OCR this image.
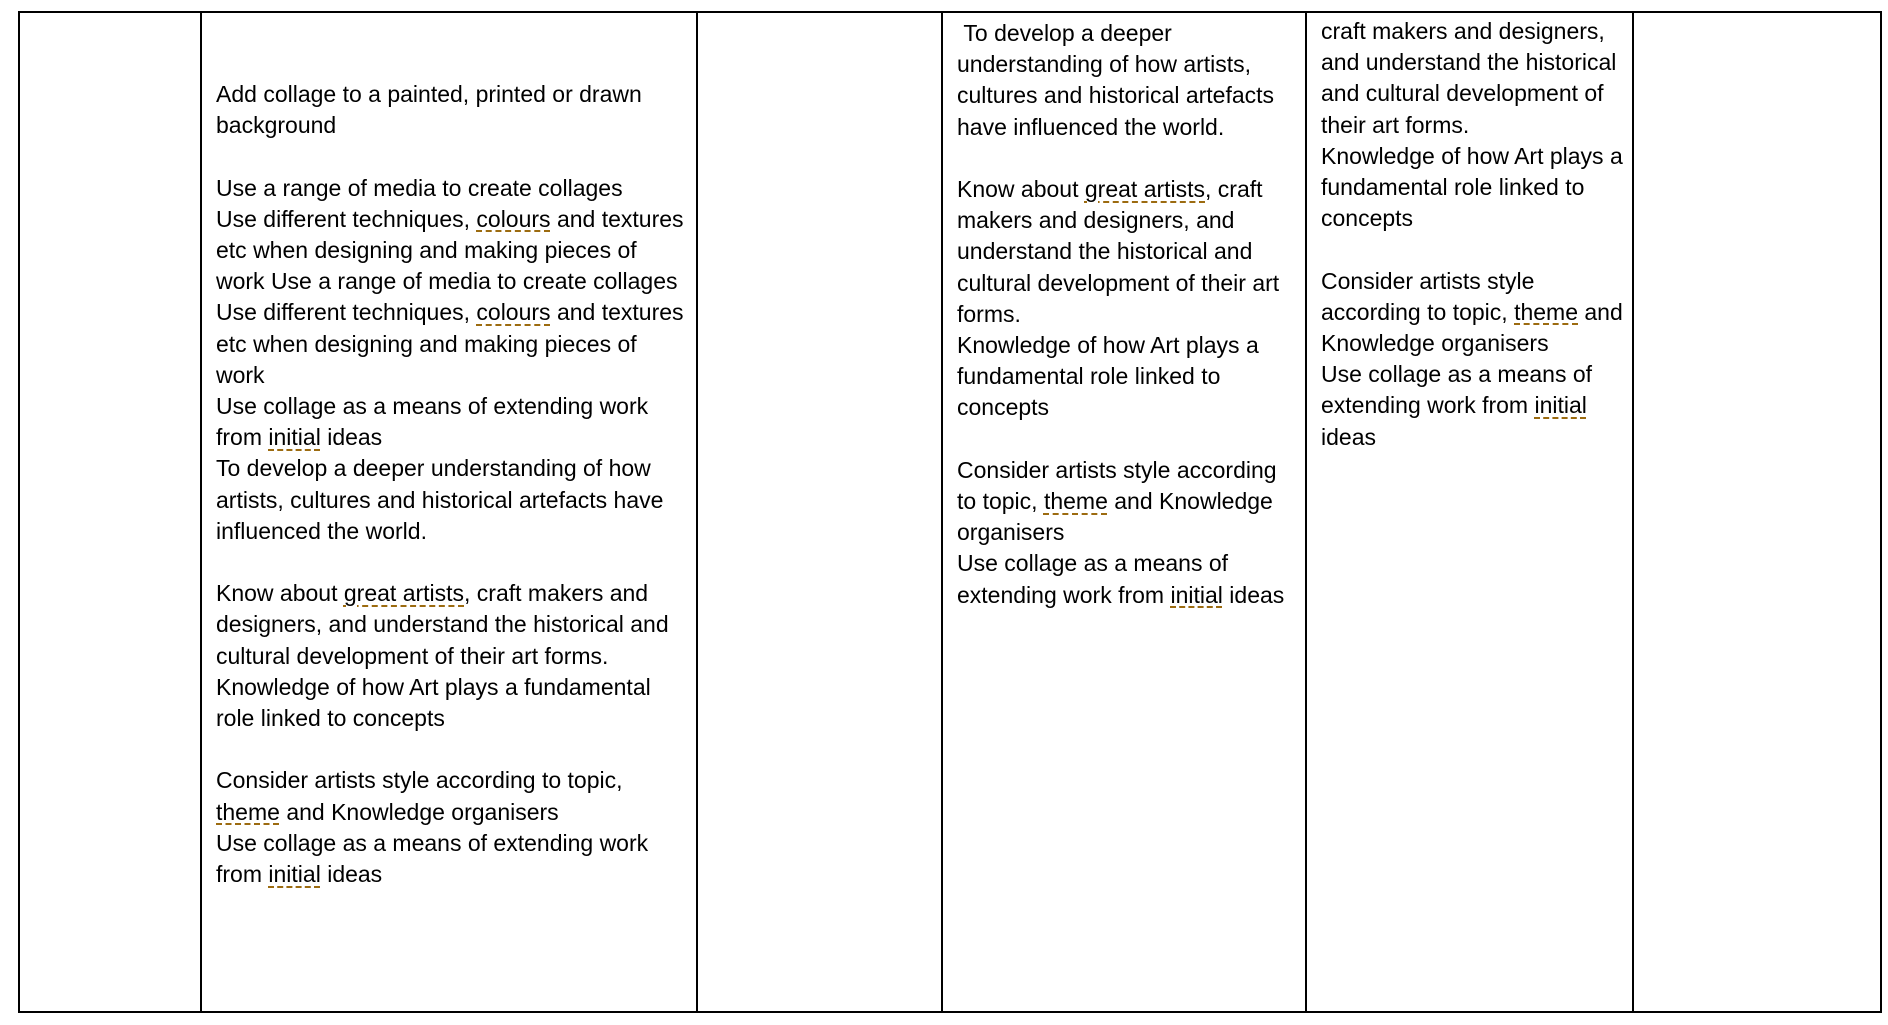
Add collage to a painted, printed or drawn background
Use a range of media to create collages
Use different techniques, colours and textures etc when designing and making pieces of work Use a range of media to create collages
Use different techniques, colours and textures etc when designing and making pieces of work
Use collage as a means of extending work from initial ideas
To develop a deeper understanding of how artists, cultures and historical artefacts have influenced the world.
Know about great artists, craft makers and designers, and understand the historical and cultural development of their art forms.
Knowledge of how Art plays a fundamental role linked to concepts
Consider artists style according to topic, theme and Knowledge organisers
Use collage as a means of extending work from initial ideas

To develop a deeper understanding of how artists, cultures and historical artefacts have influenced the world.
Know about great artists, craft makers and designers, and understand the historical and cultural development of their art forms.
Knowledge of how Art plays a fundamental role linked to concepts
Consider artists style according to topic, theme and Knowledge organisers
Use collage as a means of extending work from initial ideas

craft makers and designers, and understand the historical and cultural development of their art forms.
Knowledge of how Art plays a fundamental role linked to concepts
Consider artists style according to topic, theme and Knowledge organisers
Use collage as a means of extending work from initial ideas
